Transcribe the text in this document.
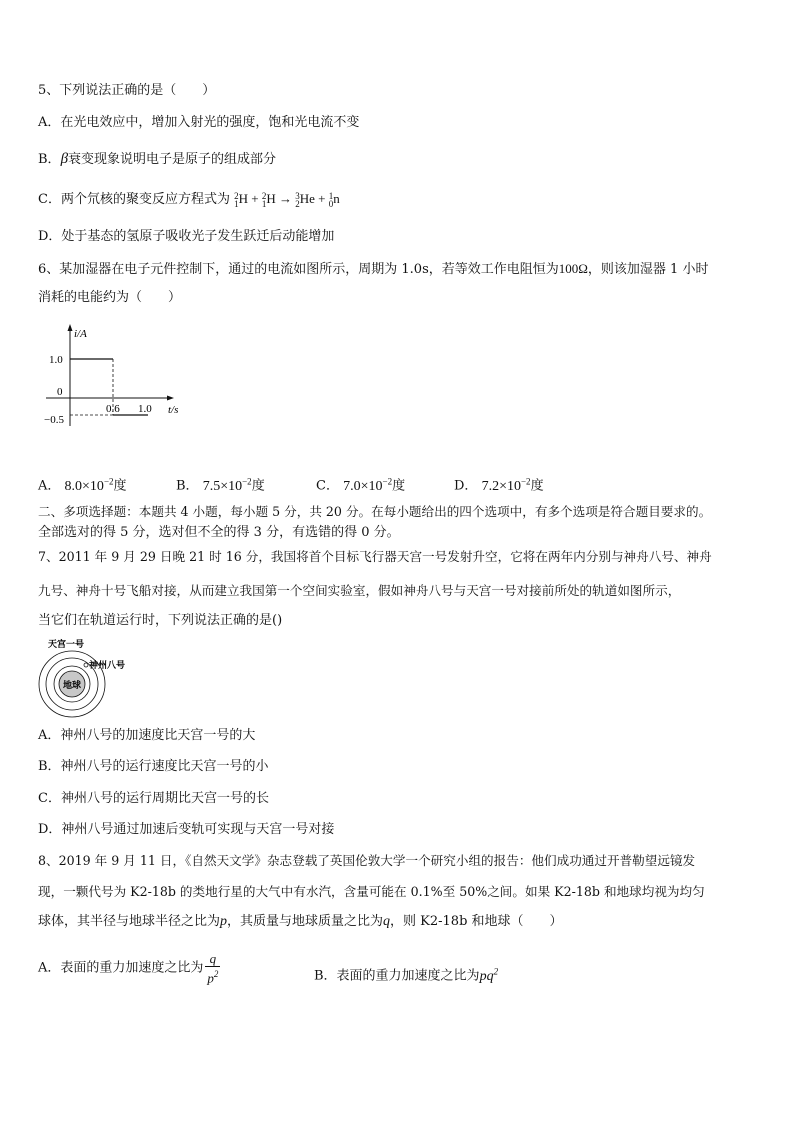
5、下列说法正确的是（　　）
A．在光电效应中，增加入射光的强度，饱和光电流不变
B．β衰变现象说明电子是原子的组成部分
C．两个氘核的聚变反应方程式为 2
1 H + 2
1 H → 3
2 He + 1
0 n
D．处于基态的氢原子吸收光子发生跃迁后动能增加
6、某加湿器在电子元件控制下，通过的电流如图所示，周期为 1.0s，若等效工作电阻恒为100Ω，则该加湿器 1 小时
消耗的电能约为（　　）
i/A
t/s
1.0
0
−0.5
0.6 1.0
A． $8.0\times 10^{-2}$度	B． $7.5\times 10^{-2}$度	C． $7.0\times 10^{-2}$度	D． $7.2\times 10^{-2}$度
二、多项选择题：本题共 4 小题，每小题 5 分，共 20 分。在每小题给出的四个选项中，有多个选项是符合题目要求的。
全部选对的得 5 分，选对但不全的得 3 分，有选错的得 0 分。
7、2011 年 9 月 29 日晚 21 时 16 分，我国将首个目标飞行器天宫一号发射升空，它将在两年内分别与神舟八号、神舟
九号、神舟十号飞船对接，从而建立我国第一个空间实验室，假如神舟八号与天宫一号对接前所处的轨道如图所示，
当它们在轨道运行时，下列说法正确的是()
地球
天宫一号
神州八号
A．神州八号的加速度比天宫一号的大
B．神州八号的运行速度比天宫一号的小
C．神州八号的运行周期比天宫一号的长
D．神州八号通过加速后变轨可实现与天宫一号对接
8、2019 年 9 月 11 日，《自然天文学》杂志登载了英国伦敦大学一个研究小组的报告：他们成功通过开普勒望远镜发
现，一颗代号为 K2-18b 的类地行星的大气中有水汽，含量可能在 0.1%至 50%之间。如果 K2-18b 和地球均视为均匀
球体，其半径与地球半径之比为p，其质量与地球质量之比为q，则 K2-18b 和地球（　　）
A．表面的重力加速度之比为 $\frac{q}{p^2}$	B．表面的重力加速度之比为$pq^2$
